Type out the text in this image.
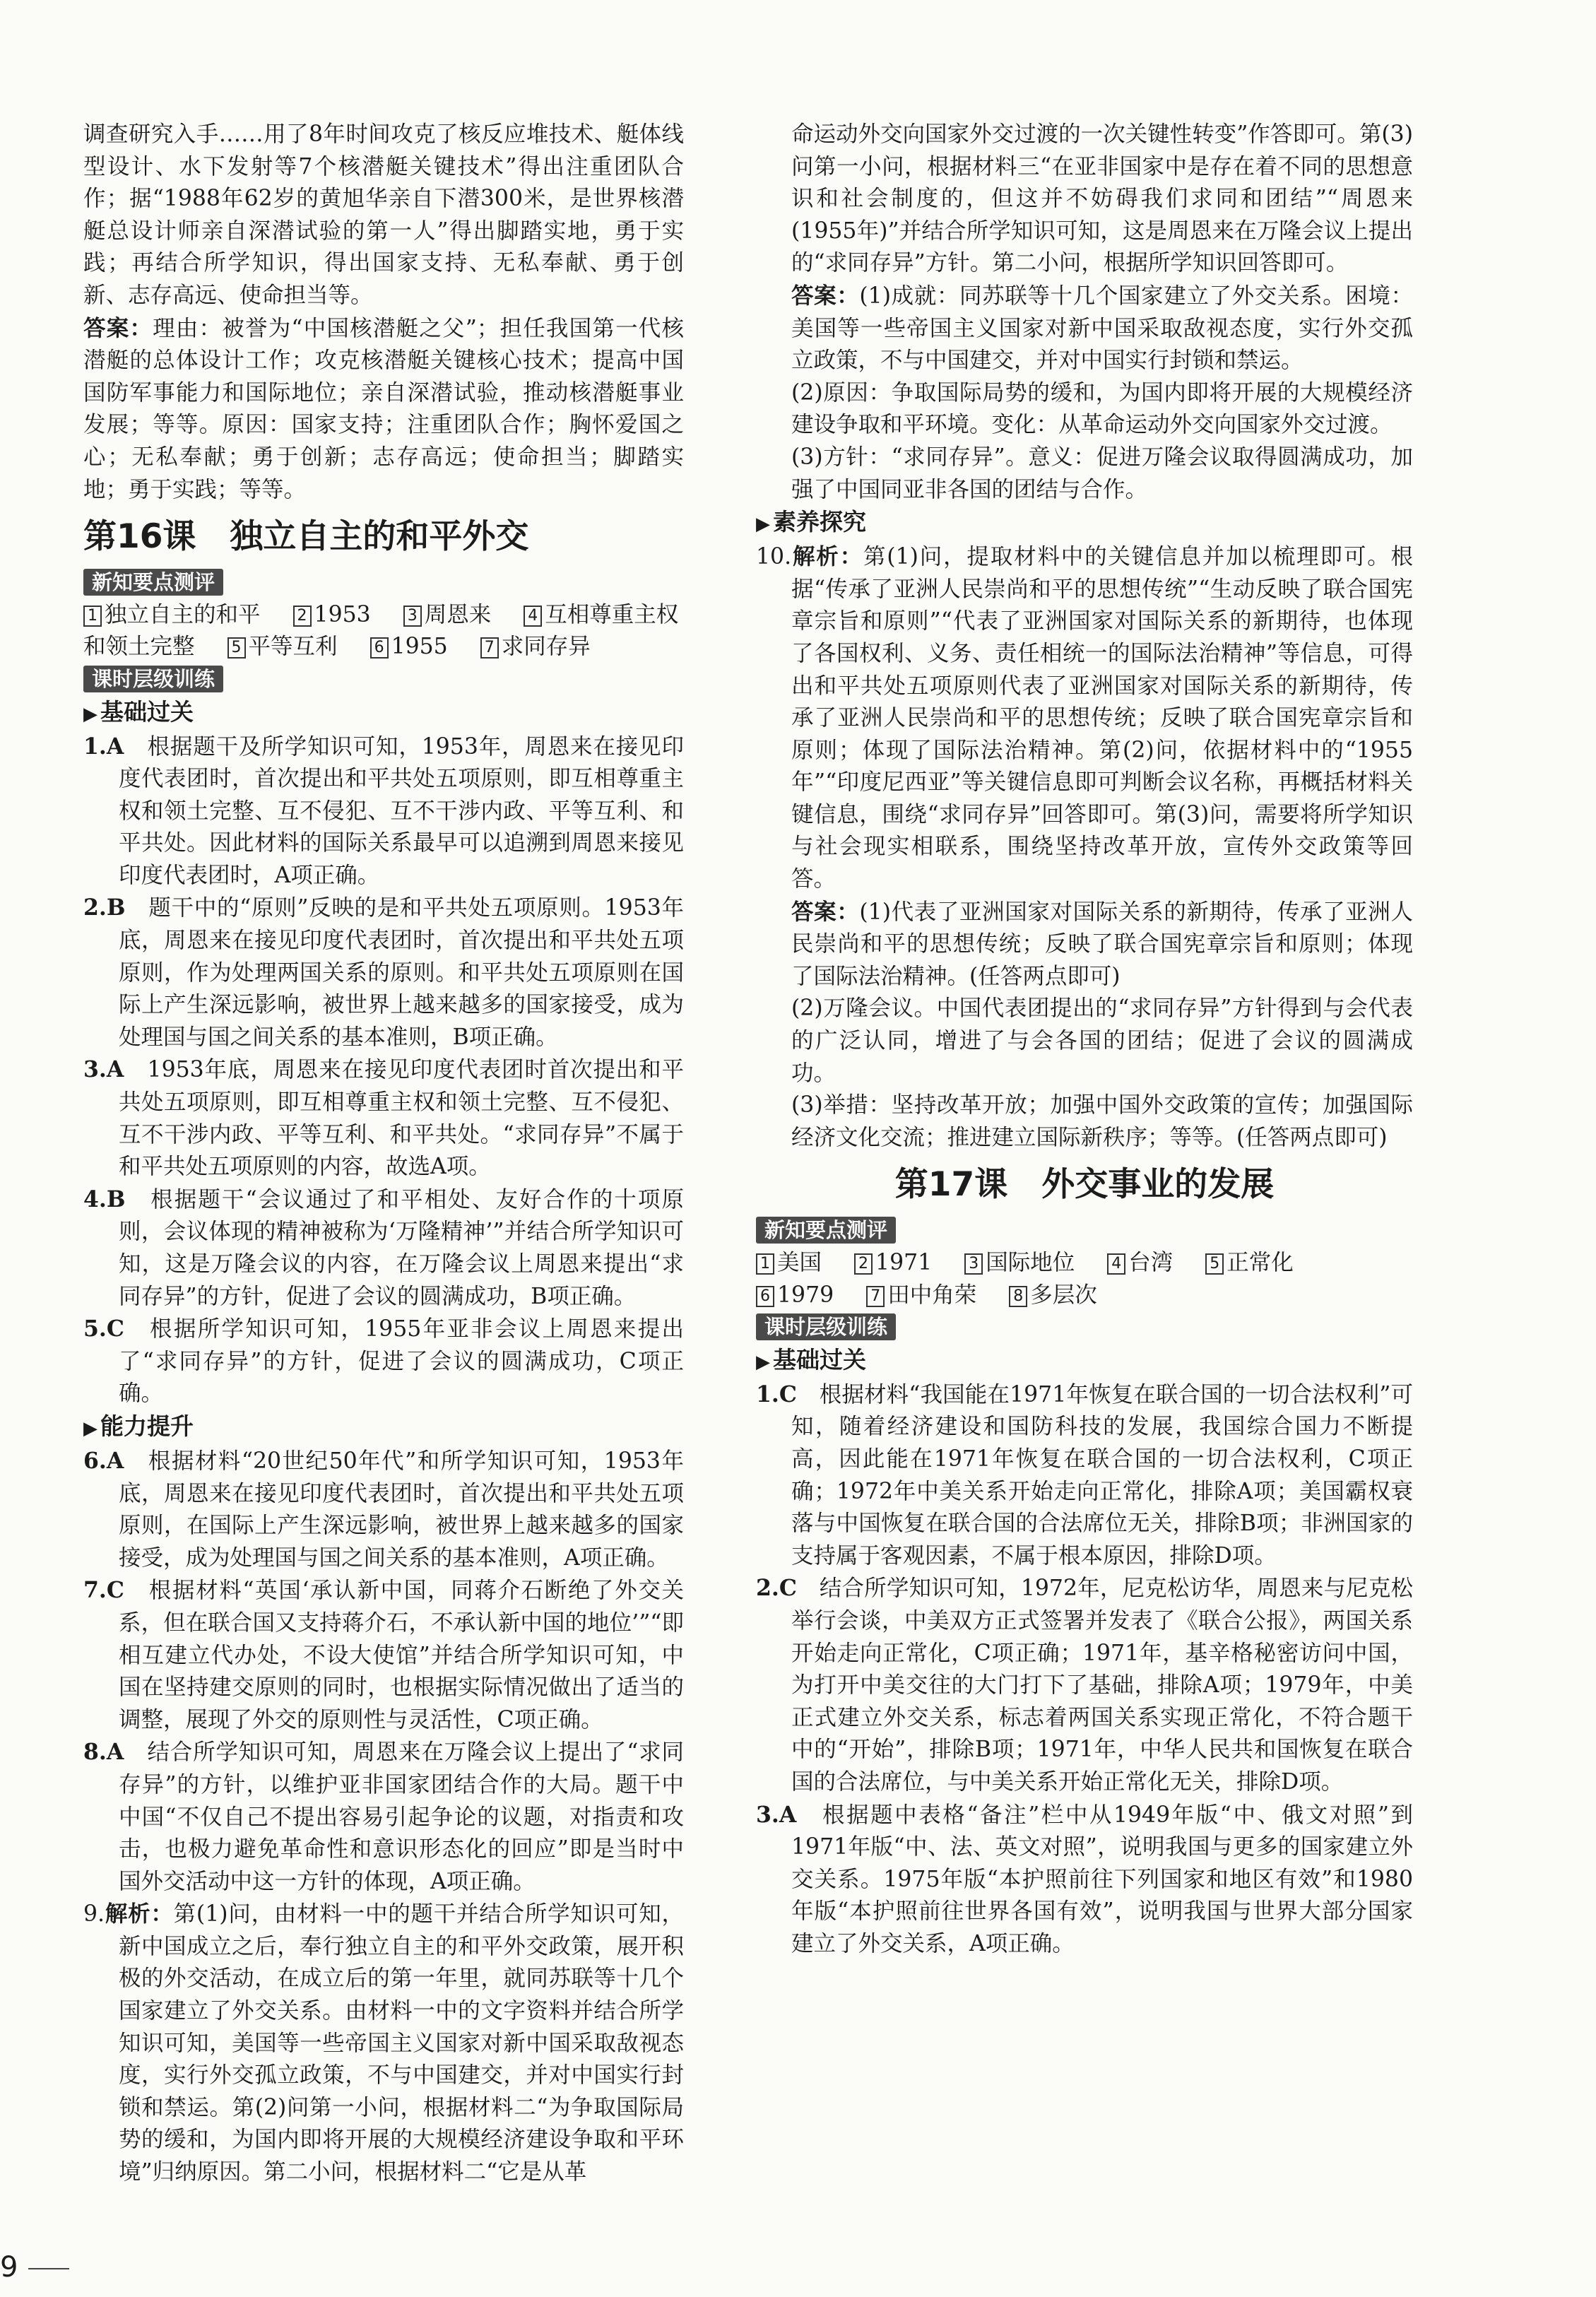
调查研究入手……用了8年时间攻克了核反应堆技术、艇体线型设计、水下发射等7个核潜艇关键技术”得出注重团队合作；据“1988年62岁的黄旭华亲自下潜300米，是世界核潜艇总设计师亲自深潜试验的第一人”得出脚踏实地，勇于实践；再结合所学知识，得出国家支持、无私奉献、勇于创新、志存高远、使命担当等。

答案：理由：被誉为“中国核潜艇之父”；担任我国第一代核潜艇的总体设计工作；攻克核潜艇关键核心技术；提高中国国防军事能力和国际地位；亲自深潜试验，推动核潜艇事业发展；等等。原因：国家支持；注重团队合作；胸怀爱国之心；无私奉献；勇于创新；志存高远；使命担当；脚踏实地；勇于实践；等等。

第16课 独立自主的和平外交
新知要点测评

1 独立自主的和平 2 1953 3 周恩来 4 互相尊重主权和领土完整 5 平等互利 6 1955 7 求同存异

课时层级训练
▶ 基础过关

1.A　 根据题干及所学知识可知，1953年，周恩来在接见印度代表团时，首次提出和平共处五项原则，即互相尊重主权和领土完整、互不侵犯、互不干涉内政、平等互利、和平共处。因此材料的国际关系最早可以追溯到周恩来接见印度代表团时，A项正确。

2.B　 题干中的“原则”反映的是和平共处五项原则。1953年底，周恩来在接见印度代表团时，首次提出和平共处五项原则，作为处理两国关系的原则。和平共处五项原则在国际上产生深远影响，被世界上越来越多的国家接受，成为处理国与国之间关系的基本准则，B项正确。

3.A　 1953年底，周恩来在接见印度代表团时首次提出和平共处五项原则，即互相尊重主权和领土完整、互不侵犯、互不干涉内政、平等互利、和平共处。“求同存异”不属于和平共处五项原则的内容，故选A项。

4.B　 根据题干“会议通过了和平相处、友好合作的十项原则，会议体现的精神被称为‘万隆精神’”并结合所学知识可知，这是万隆会议的内容，在万隆会议上周恩来提出“求同存异”的方针，促进了会议的圆满成功，B项正确。

5.C　 根据所学知识可知，1955年亚非会议上周恩来提出了“求同存异”的方针，促进了会议的圆满成功，C项正确。

▶ 能力提升

6.A　 根据材料“20世纪50年代”和所学知识可知，1953年底，周恩来在接见印度代表团时，首次提出和平共处五项原则，在国际上产生深远影响，被世界上越来越多的国家接受，成为处理国与国之间关系的基本准则，A项正确。

7.C　 根据材料“英国‘承认新中国，同蒋介石断绝了外交关系，但在联合国又支持蒋介石，不承认新中国的地位’”“即相互建立代办处，不设大使馆”并结合所学知识可知，中国在坚持建交原则的同时，也根据实际情况做出了适当的调整，展现了外交的原则性与灵活性，C项正确。

8.A　 结合所学知识可知，周恩来在万隆会议上提出了“求同存异”的方针，以维护亚非国家团结合作的大局。题干中中国“不仅自己不提出容易引起争论的议题，对指责和攻击，也极力避免革命性和意识形态化的回应”即是当时中国外交活动中这一方针的体现，A项正确。

9.解析：第(1)问，由材料一中的题干并结合所学知识可知，新中国成立之后，奉行独立自主的和平外交政策，展开积极的外交活动，在成立后的第一年里，就同苏联等十几个国家建立了外交关系。由材料一中的文字资料并结合所学知识可知，美国等一些帝国主义国家对新中国采取敌视态度，实行外交孤立政策，不与中国建交，并对中国实行封锁和禁运。第(2)问第一小问，根据材料二“为争取国际局势的缓和，为国内即将开展的大规模经济建设争取和平环境”归纳原因。第二小问，根据材料二“它是从革

命运动外交向国家外交过渡的一次关键性转变”作答即可。第(3)问第一小问，根据材料三“在亚非国家中是存在着不同的思想意识和社会制度的，但这并不妨碍我们求同和团结”“周恩来(1955年)”并结合所学知识可知，这是周恩来在万隆会议上提出的“求同存异”方针。第二小问，根据所学知识回答即可。

答案：(1)成就：同苏联等十几个国家建立了外交关系。困境：美国等一些帝国主义国家对新中国采取敌视态度，实行外交孤立政策，不与中国建交，并对中国实行封锁和禁运。

(2)原因：争取国际局势的缓和，为国内即将开展的大规模经济建设争取和平环境。变化：从革命运动外交向国家外交过渡。

(3)方针：“求同存异”。意义：促进万隆会议取得圆满成功，加强了中国同亚非各国的团结与合作。

▶ 素养探究

10.解析：第(1)问，提取材料中的关键信息并加以梳理即可。根据“传承了亚洲人民崇尚和平的思想传统”“生动反映了联合国宪章宗旨和原则”“代表了亚洲国家对国际关系的新期待，也体现了各国权利、义务、责任相统一的国际法治精神”等信息，可得出和平共处五项原则代表了亚洲国家对国际关系的新期待，传承了亚洲人民崇尚和平的思想传统；反映了联合国宪章宗旨和原则；体现了国际法治精神。第(2)问，依据材料中的“1955年”“印度尼西亚”等关键信息即可判断会议名称，再概括材料关键信息，围绕“求同存异”回答即可。第(3)问，需要将所学知识与社会现实相联系，围绕坚持改革开放，宣传外交政策等回答。

答案：(1)代表了亚洲国家对国际关系的新期待，传承了亚洲人民崇尚和平的思想传统；反映了联合国宪章宗旨和原则；体现了国际法治精神。(任答两点即可)

(2)万隆会议。中国代表团提出的“求同存异”方针得到与会代表的广泛认同，增进了与会各国的团结；促进了会议的圆满成功。

(3)举措：坚持改革开放；加强中国外交政策的宣传；加强国际经济文化交流；推进建立国际新秩序；等等。(任答两点即可)

第17课 外交事业的发展
新知要点测评

1 美国 2 1971 3 国际地位 4 台湾 5 正常化 6 1979 7 田中角荣 8 多层次

课时层级训练
▶ 基础过关

1.C　 根据材料“我国能在1971年恢复在联合国的一切合法权利”可知，随着经济建设和国防科技的发展，我国综合国力不断提高，因此能在1971年恢复在联合国的一切合法权利，C项正确；1972年中美关系开始走向正常化，排除A项；美国霸权衰落与中国恢复在联合国的合法席位无关，排除B项；非洲国家的支持属于客观因素，不属于根本原因，排除D项。

2.C　 结合所学知识可知，1972年，尼克松访华，周恩来与尼克松举行会谈，中美双方正式签署并发表了《联合公报》，两国关系开始走向正常化，C项正确；1971年，基辛格秘密访问中国，为打开中美交往的大门打下了基础，排除A项；1979年，中美正式建立外交关系，标志着两国关系实现正常化，不符合题干中的“开始”，排除B项；1971年，中华人民共和国恢复在联合国的合法席位，与中美关系开始正常化无关，排除D项。

3.A　 根据题中表格“备注”栏中从1949年版“中、俄文对照”到1971年版“中、法、英文对照”，说明我国与更多的国家建立外交关系。1975年版“本护照前往下列国家和地区有效”和1980年版“本护照前往世界各国有效”，说明我国与世界大部分国家建立了外交关系，A项正确。

9
